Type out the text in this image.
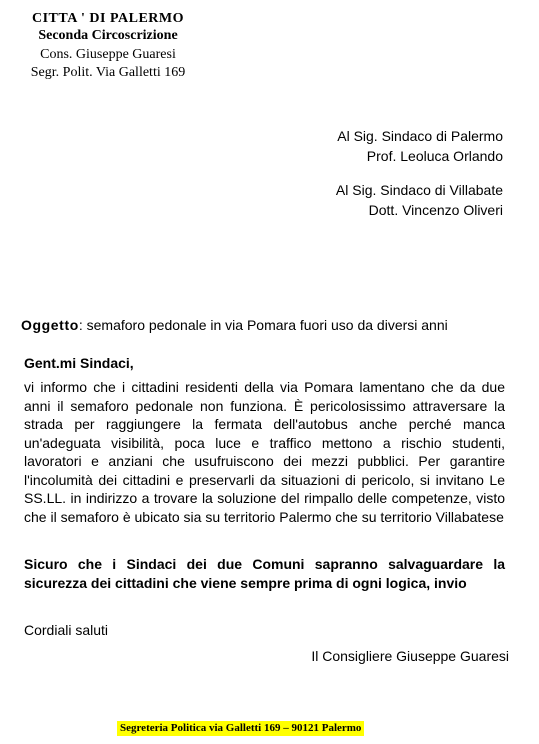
CITTA ' DI PALERMO
Seconda Circoscrizione
Cons. Giuseppe Guaresi
Segr. Polit. Via Galletti 169
Al Sig. Sindaco di Palermo
Prof. Leoluca Orlando
Al Sig. Sindaco di Villabate
Dott. Vincenzo Oliveri
Oggetto: semaforo pedonale in via Pomara fuori uso da diversi anni
Gent.mi Sindaci,

vi informo che i cittadini residenti della via Pomara lamentano che da due anni il semaforo pedonale non funziona. È pericolosissimo attraversare la strada per raggiungere la fermata dell'autobus anche perché manca un'adeguata visibilità, poca luce e traffico mettono a rischio studenti, lavoratori e anziani che usufruiscono dei mezzi pubblici. Per garantire l'incolumità dei cittadini e preservarli da situazioni di pericolo, si invitano Le SS.LL. in indirizzo a trovare la soluzione del rimpallo delle competenze, visto che il semaforo è ubicato sia su territorio Palermo che su territorio Villabatese

Sicuro che i Sindaci dei due Comuni sapranno salvaguardare la sicurezza dei cittadini che viene sempre prima di ogni logica, invio

Cordiali saluti
Il Consigliere Giuseppe Guaresi
Segreteria Politica via Galletti 169 – 90121 Palermo
